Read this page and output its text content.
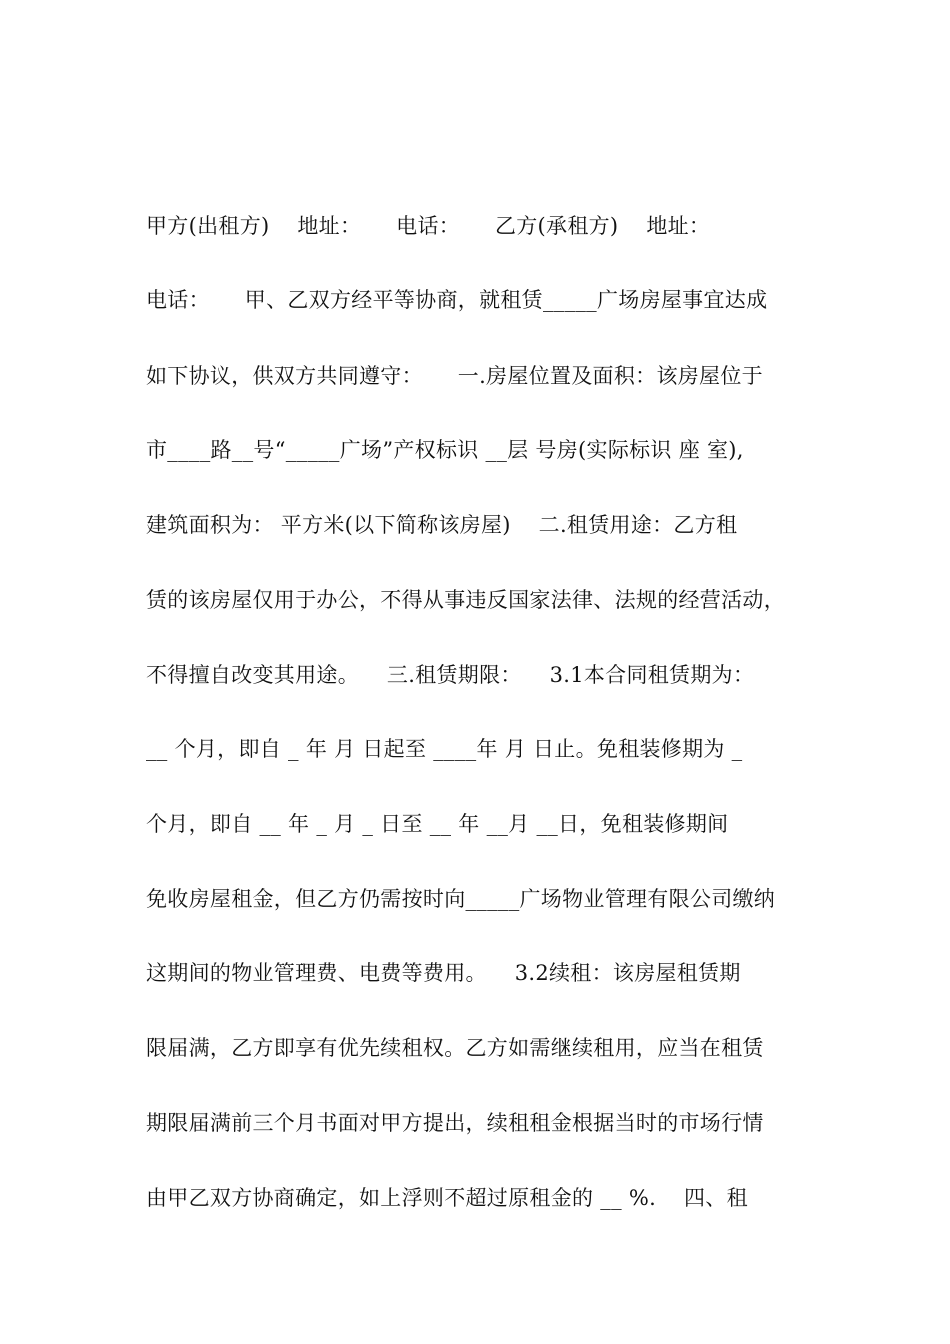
甲方(出租方)    地址：     电话：     乙方(承租方)    地址：
电话：     甲、乙双方经平等协商，就租赁_____广场房屋事宜达成
如下协议，供双方共同遵守：     一.房屋位置及面积：该房屋位于
市____路__号“_____广场”产权标识 __层 号房(实际标识 座 室),
建筑面积为： 平方米(以下简称该房屋)    二.租赁用途：乙方租
赁的该房屋仅用于办公，不得从事违反国家法律、法规的经营活动，
不得擅自改变其用途。    三.租赁期限：    3.1本合同租赁期为：
__ 个月，即自 _ 年 月 日起至 ____年 月 日止。免租装修期为 _
个月，即自 __ 年 _ 月 _ 日至 __ 年 __月 __日，免租装修期间
免收房屋租金，但乙方仍需按时向_____广场物业管理有限公司缴纳
这期间的物业管理费、电费等费用。    3.2续租：该房屋租赁期
限届满，乙方即享有优先续租权。乙方如需继续租用，应当在租赁
期限届满前三个月书面对甲方提出，续租租金根据当时的市场行情
由甲乙双方协商确定，如上浮则不超过原租金的 __ %.    四、租
